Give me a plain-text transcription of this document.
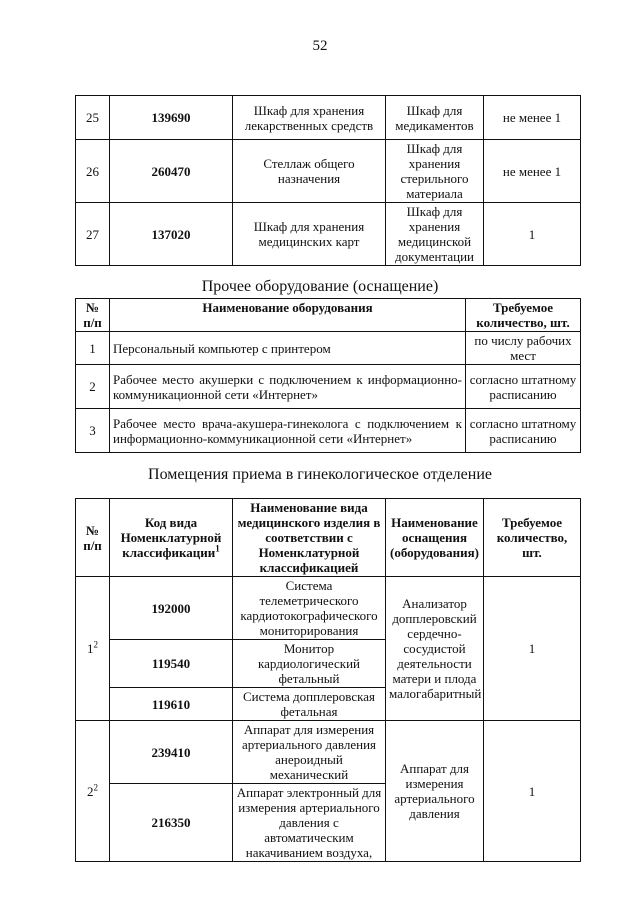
52
25	139690	Шкаф для хранения лекарственных средств	Шкаф для медикаментов	не менее 1
26	260470	Стеллаж общего назначения	Шкаф для хранения стерильного материала	не менее 1
27	137020	Шкаф для хранения медицинских карт	Шкаф для хранения медицинской документации	1
Прочее оборудование (оснащение)
№ п/п	Наименование оборудования	Требуемое количество, шт.
1	Персональный компьютер с принтером	по числу рабочих мест
2	Рабочее место акушерки с подключением к информационно-коммуникационной сети «Интернет»	согласно штатному расписанию
3	Рабочее место врача-акушера-гинеколога с подключением к информационно-коммуникационной сети «Интернет»	согласно штатному расписанию
Помещения приема в гинекологическое отделение
№ п/п	Код вида Номенклатурной классификации$^1$	Наименование вида медицинского изделия в соответствии с Номенклатурной классификацией	Наименование оснащения (оборудования)	Требуемое количество, шт.
$1^2$	192000	Система телеметрического кардиотокографического мониторирования	Анализатор допплеровский сердечно-сосудистой деятельности матери и плода малогабаритный	1
	119540	Монитор кардиологический фетальный		
	119610	Система допплеровская фетальная		
$2^2$	239410	Аппарат для измерения артериального давления анероидный механический	Аппарат для измерения артериального давления	1
	216350	Аппарат электронный для измерения артериального давления с автоматическим накачиванием воздуха,		
